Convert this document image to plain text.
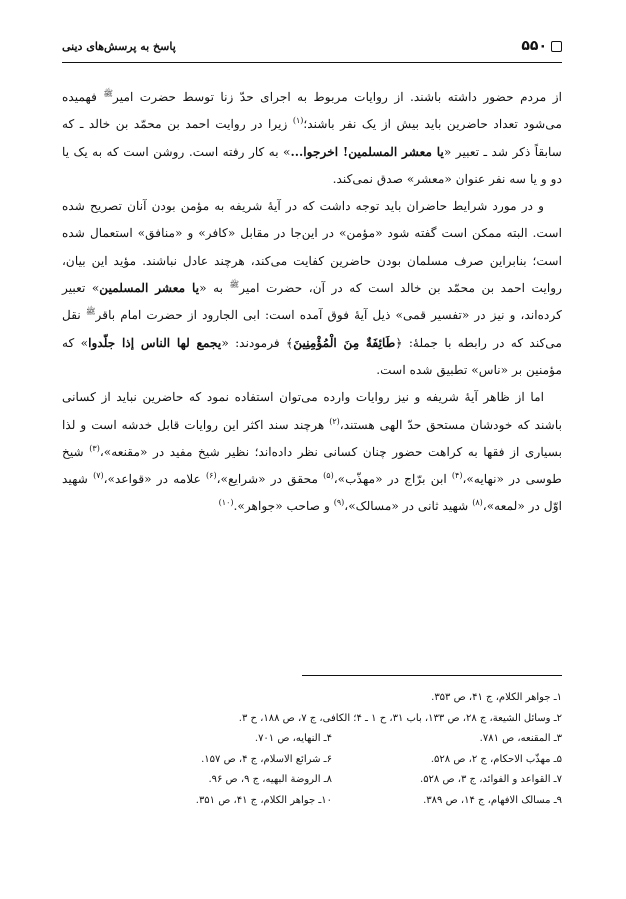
۵۵۰
پاسخ به پرسش‌های دینی

از مردم حضور داشته باشند. از روایات مربوط به اجرای حدّ زنا توسط حضرت امیر$^ﷺ$ فهمیده می‌شود تعداد حاضرین باید بیش از یک نفر باشند؛$^{(۱)}$ زیرا در روایت احمد بن محمّد بن خالد ـ که سابقاً ذکر شد ـ تعبیر «یا معشر المسلمین! اخرجوا...» به کار رفته است. روشن است که به یک یا دو و یا سه نفر عنوان «معشر» صدق نمی‌کند.

و در مورد شرایط حاضران باید توجه داشت که در آیهٔ شریفه به مؤمن بودن آنان تصریح شده است. البته ممکن است گفته شود «مؤمن» در این‌جا در مقابل «کافر» و «منافق» استعمال شده است؛ بنابراین صرف مسلمان بودن حاضرین کفایت می‌کند، هرچند عادل نباشند. مؤید این بیان، روایت احمد بن محمّد بن خالد است که در آن، حضرت امیر$^ﷺ$ به «یا معشر المسلمین» تعبیر کرده‌اند، و نیز در «تفسیر قمی» ذیل آیهٔ فوق آمده است: ابی الجارود از حضرت امام باقر$^ﷺ$ نقل می‌کند که در رابطه با جملهٔ: ﴿طَائِفَةٌ مِنَ الْمُؤْمِنِينَ﴾ فرمودند: «یجمع لها الناس إذا جلّدوا» که مؤمنین بر «ناس» تطبیق شده است.

اما از ظاهر آیهٔ شریفه و نیز روایات وارده می‌توان استفاده نمود که حاضرین نباید از کسانی باشند که خودشان مستحق حدّ الهی هستند،$^{(۲)}$ هرچند سند اکثر این روایات قابل خدشه است و لذا بسیاری از فقها به کراهت حضور چنان کسانی نظر داده‌اند؛ نظیر شیخ مفید در «مقنعه»،$^{(۳)}$ شیخ طوسی در «نهایه»،$^{(۴)}$ ابن برّاج در «مهذّب»،$^{(۵)}$ محقق در «شرایع»،$^{(۶)}$ علامه در «قواعد»،$^{(۷)}$ شهید اوّل در «لمعه»،$^{(۸)}$ شهید ثانی در «مسالک»،$^{(۹)}$ و صاحب «جواهر».$^{(۱۰)}$

۱ـ جواهر الکلام، ج ۴۱، ص ۳۵۳.
۲ـ وسائل الشیعة، ج ۲۸، ص ۱۳۳، باب ۳۱، ح ۱ ـ ۴؛ الکافی، ج ۷، ص ۱۸۸، ح ۳.
۳ـ المقنعه، ص ۷۸۱.
۴ـ النهایه، ص ۷۰۱.
۵ـ مهذّب الاحکام، ج ۲، ص ۵۲۸.
۶ـ شرائع الاسلام، ج ۴، ص ۱۵۷.
۷ـ القواعد و الفوائد، ج ۳، ص ۵۲۸.
۸ـ الروضة البهیه، ج ۹، ص ۹۶.
۹ـ مسالک الافهام، ج ۱۴، ص ۳۸۹.
۱۰ـ جواهر الکلام، ج ۴۱، ص ۳۵۱.
